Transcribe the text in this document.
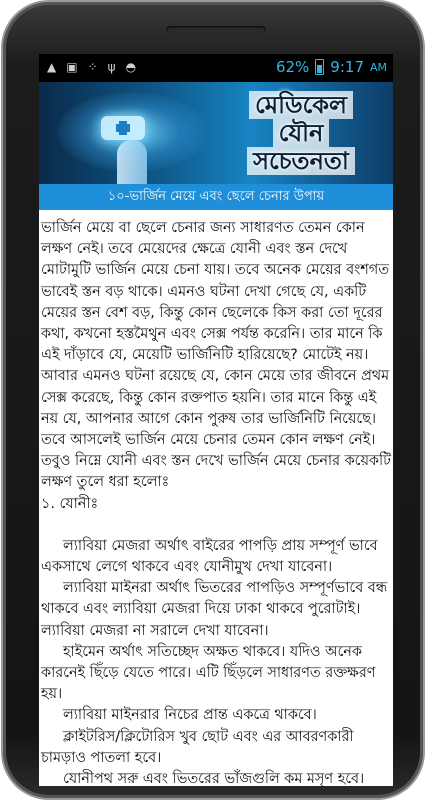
▲ ▣ ⁘ ψ ◓	62% 9:17 AM
মেডিকেল
যৌন
সচেতনতা
১০-ভার্জিন মেয়ে এবং ছেলে চেনার উপায়

ভার্জিন মেয়ে বা ছেলে চেনার জন্য সাধারণত তেমন কোন লক্ষণ নেই। তবে মেয়েদের ক্ষেত্রে যোনী এবং স্তন দেখে মোটামুটি ভার্জিন মেয়ে চেনা যায়। তবে অনেক মেয়ের বংশগত ভাবেই স্তন বড় থাকে। এমনও ঘটনা দেখা গেছে যে, একটি মেয়ের স্তন বেশ বড়, কিন্তু কোন ছেলেকে কিস করা তো দূরের কথা, কখনো হস্তমৈথুন এবং সেক্স পর্যন্ত করেনি। তার মানে কি এই দাঁড়াবে যে, মেয়েটি ভার্জিনিটি হারিয়েছে? মোটেই নয়। আবার এমনও ঘটনা রয়েছে যে, কোন মেয়ে তার জীবনে প্রথম সেক্স করেছে, কিন্তু কোন রক্তপাত হয়নি। তার মানে কিন্তু এই নয় যে, আপনার আগে কোন পুরুষ তার ভার্জিনিটি নিয়েছে। তবে আসলেই ভার্জিন মেয়ে চেনার তেমন কোন লক্ষণ নেই। তবুও নিম্নে যোনী এবং স্তন দেখে ভার্জিন মেয়ে চেনার কয়েকটি লক্ষণ তুলে ধরা হলোঃ

১. যোনীঃ

ল্যাবিয়া মেজরা অর্থাৎ বাইরের পাপড়ি প্রায় সম্পূর্ণ ভাবে একসাথে লেগে থাকবে এবং যোনীমুখ দেখা যাবেনা।

ল্যাবিয়া মাইনরা অর্থাৎ ভিতরের পাপড়িও সম্পূর্ণভাবে বন্ধ থাকবে এবং ল্যাবিয়া মেজরা দিয়ে ঢাকা থাকবে পুরোটাই। ল্যাবিয়া মেজরা না সরালে দেখা যাবেনা।

হাইমেন অর্থাৎ সতিচ্ছেদ অক্ষত থাকবে। যদিও অনেক কারনেই ছিঁড়ে যেতে পারে। এটি ছিঁড়লে সাধারণত রক্তক্ষরণ হয়।

ল্যাবিয়া মাইনরার নিচের প্রান্ত একত্রে থাকবে।

ক্লাইটরিস/ক্লিটোরিস খুব ছোট এবং এর আবরণকারী চামড়াও পাতলা হবে।

যোনীপথ সরু এবং ভিতরের ভাঁজগুলি কম মসৃণ হবে।
